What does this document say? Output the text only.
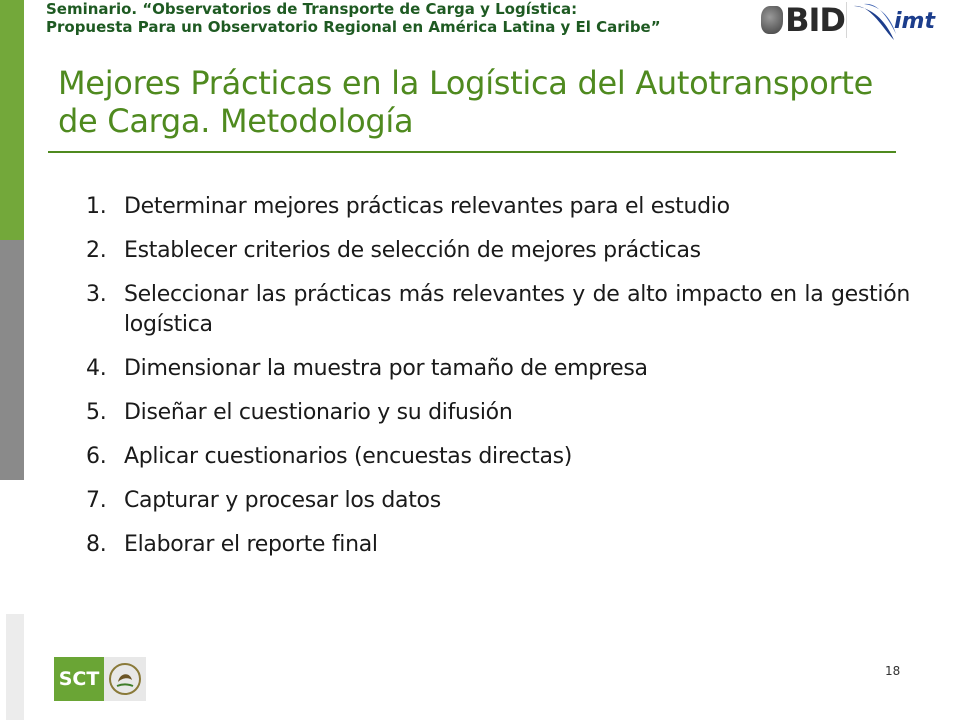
Seminario. “Observatorios de Transporte de Carga y Logística:
Propuesta Para un Observatorio Regional en América Latina y El Caribe”	BID imt
Mejores Prácticas en la Logística del Autotransporte de Carga. Metodología
1. Determinar mejores prácticas relevantes para el estudio
2. Establecer criterios de selección de mejores prácticas
3. Seleccionar las prácticas más relevantes y de alto impacto en la gestión logística
4. Dimensionar la muestra por tamaño de empresa
5. Diseñar el cuestionario y su difusión
6. Aplicar cuestionarios (encuestas directas)
7. Capturar y procesar los datos
8. Elaborar el reporte final
SCT	18
